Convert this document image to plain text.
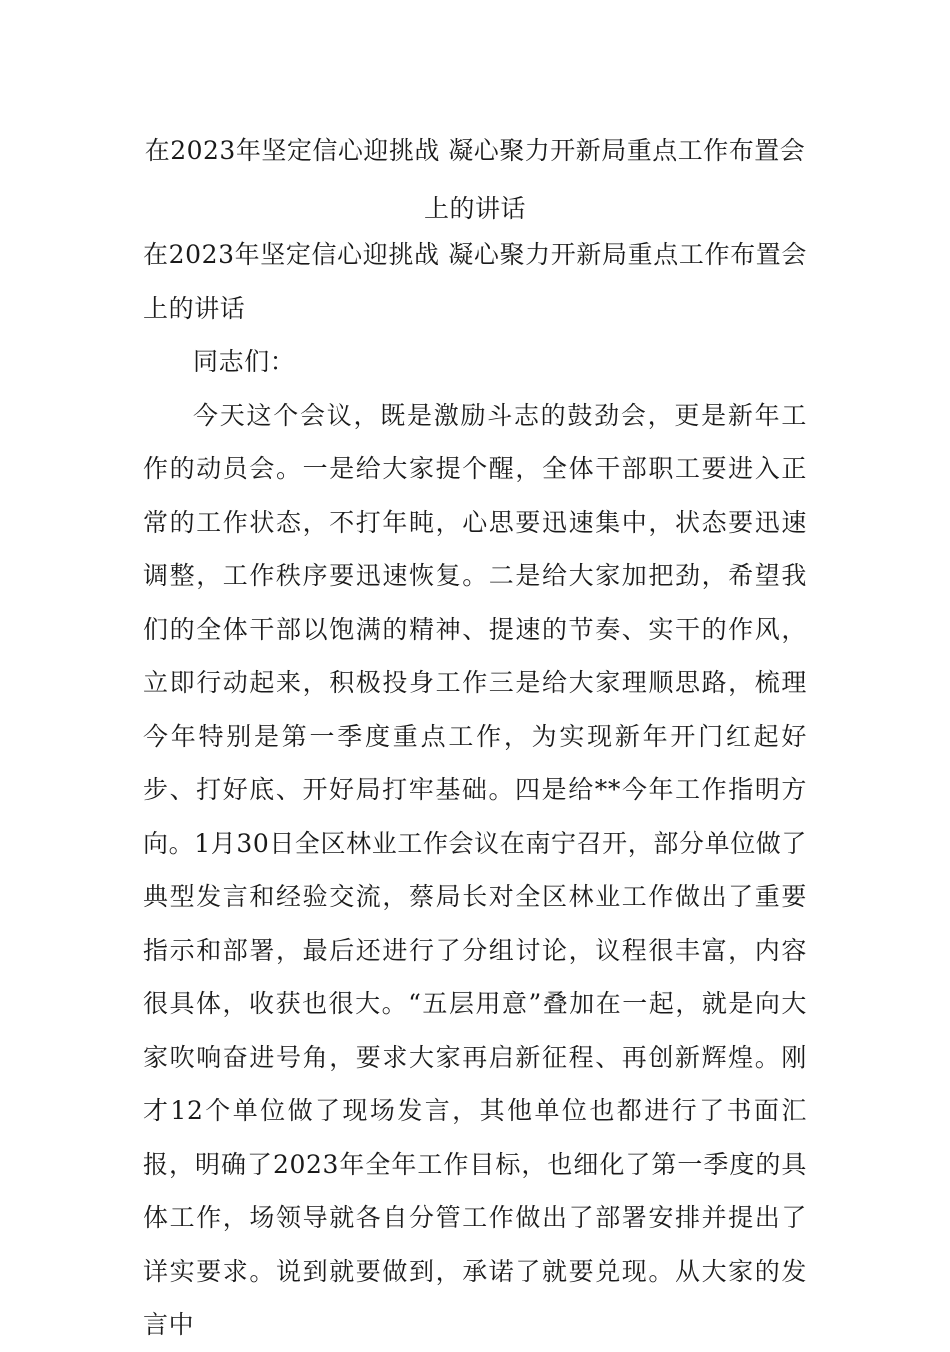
在2023年坚定信心迎挑战 凝心聚力开新局重点工作布置会上的讲话

在2023年坚定信心迎挑战 凝心聚力开新局重点工作布置会上的讲话

同志们：

今天这个会议，既是激励斗志的鼓劲会，更是新年工作的动员会。一是给大家提个醒，全体干部职工要进入正常的工作状态，不打年盹，心思要迅速集中，状态要迅速调整，工作秩序要迅速恢复。二是给大家加把劲，希望我们的全体干部以饱满的精神、提速的节奏、实干的作风，立即行动起来，积极投身工作三是给大家理顺思路，梳理今年特别是第一季度重点工作，为实现新年开门红起好步、打好底、开好局打牢基础。四是给**今年工作指明方向。1月30日全区林业工作会议在南宁召开，部分单位做了典型发言和经验交流，蔡局长对全区林业工作做出了重要指示和部署，最后还进行了分组讨论，议程很丰富，内容很具体，收获也很大。“五层用意”叠加在一起，就是向大家吹响奋进号角，要求大家再启新征程、再创新辉煌。刚才12个单位做了现场发言，其他单位也都进行了书面汇报，明确了2023年全年工作目标，也细化了第一季度的具体工作，场领导就各自分管工作做出了部署安排并提出了详实要求。说到就要做到，承诺了就要兑现。从大家的发言中
